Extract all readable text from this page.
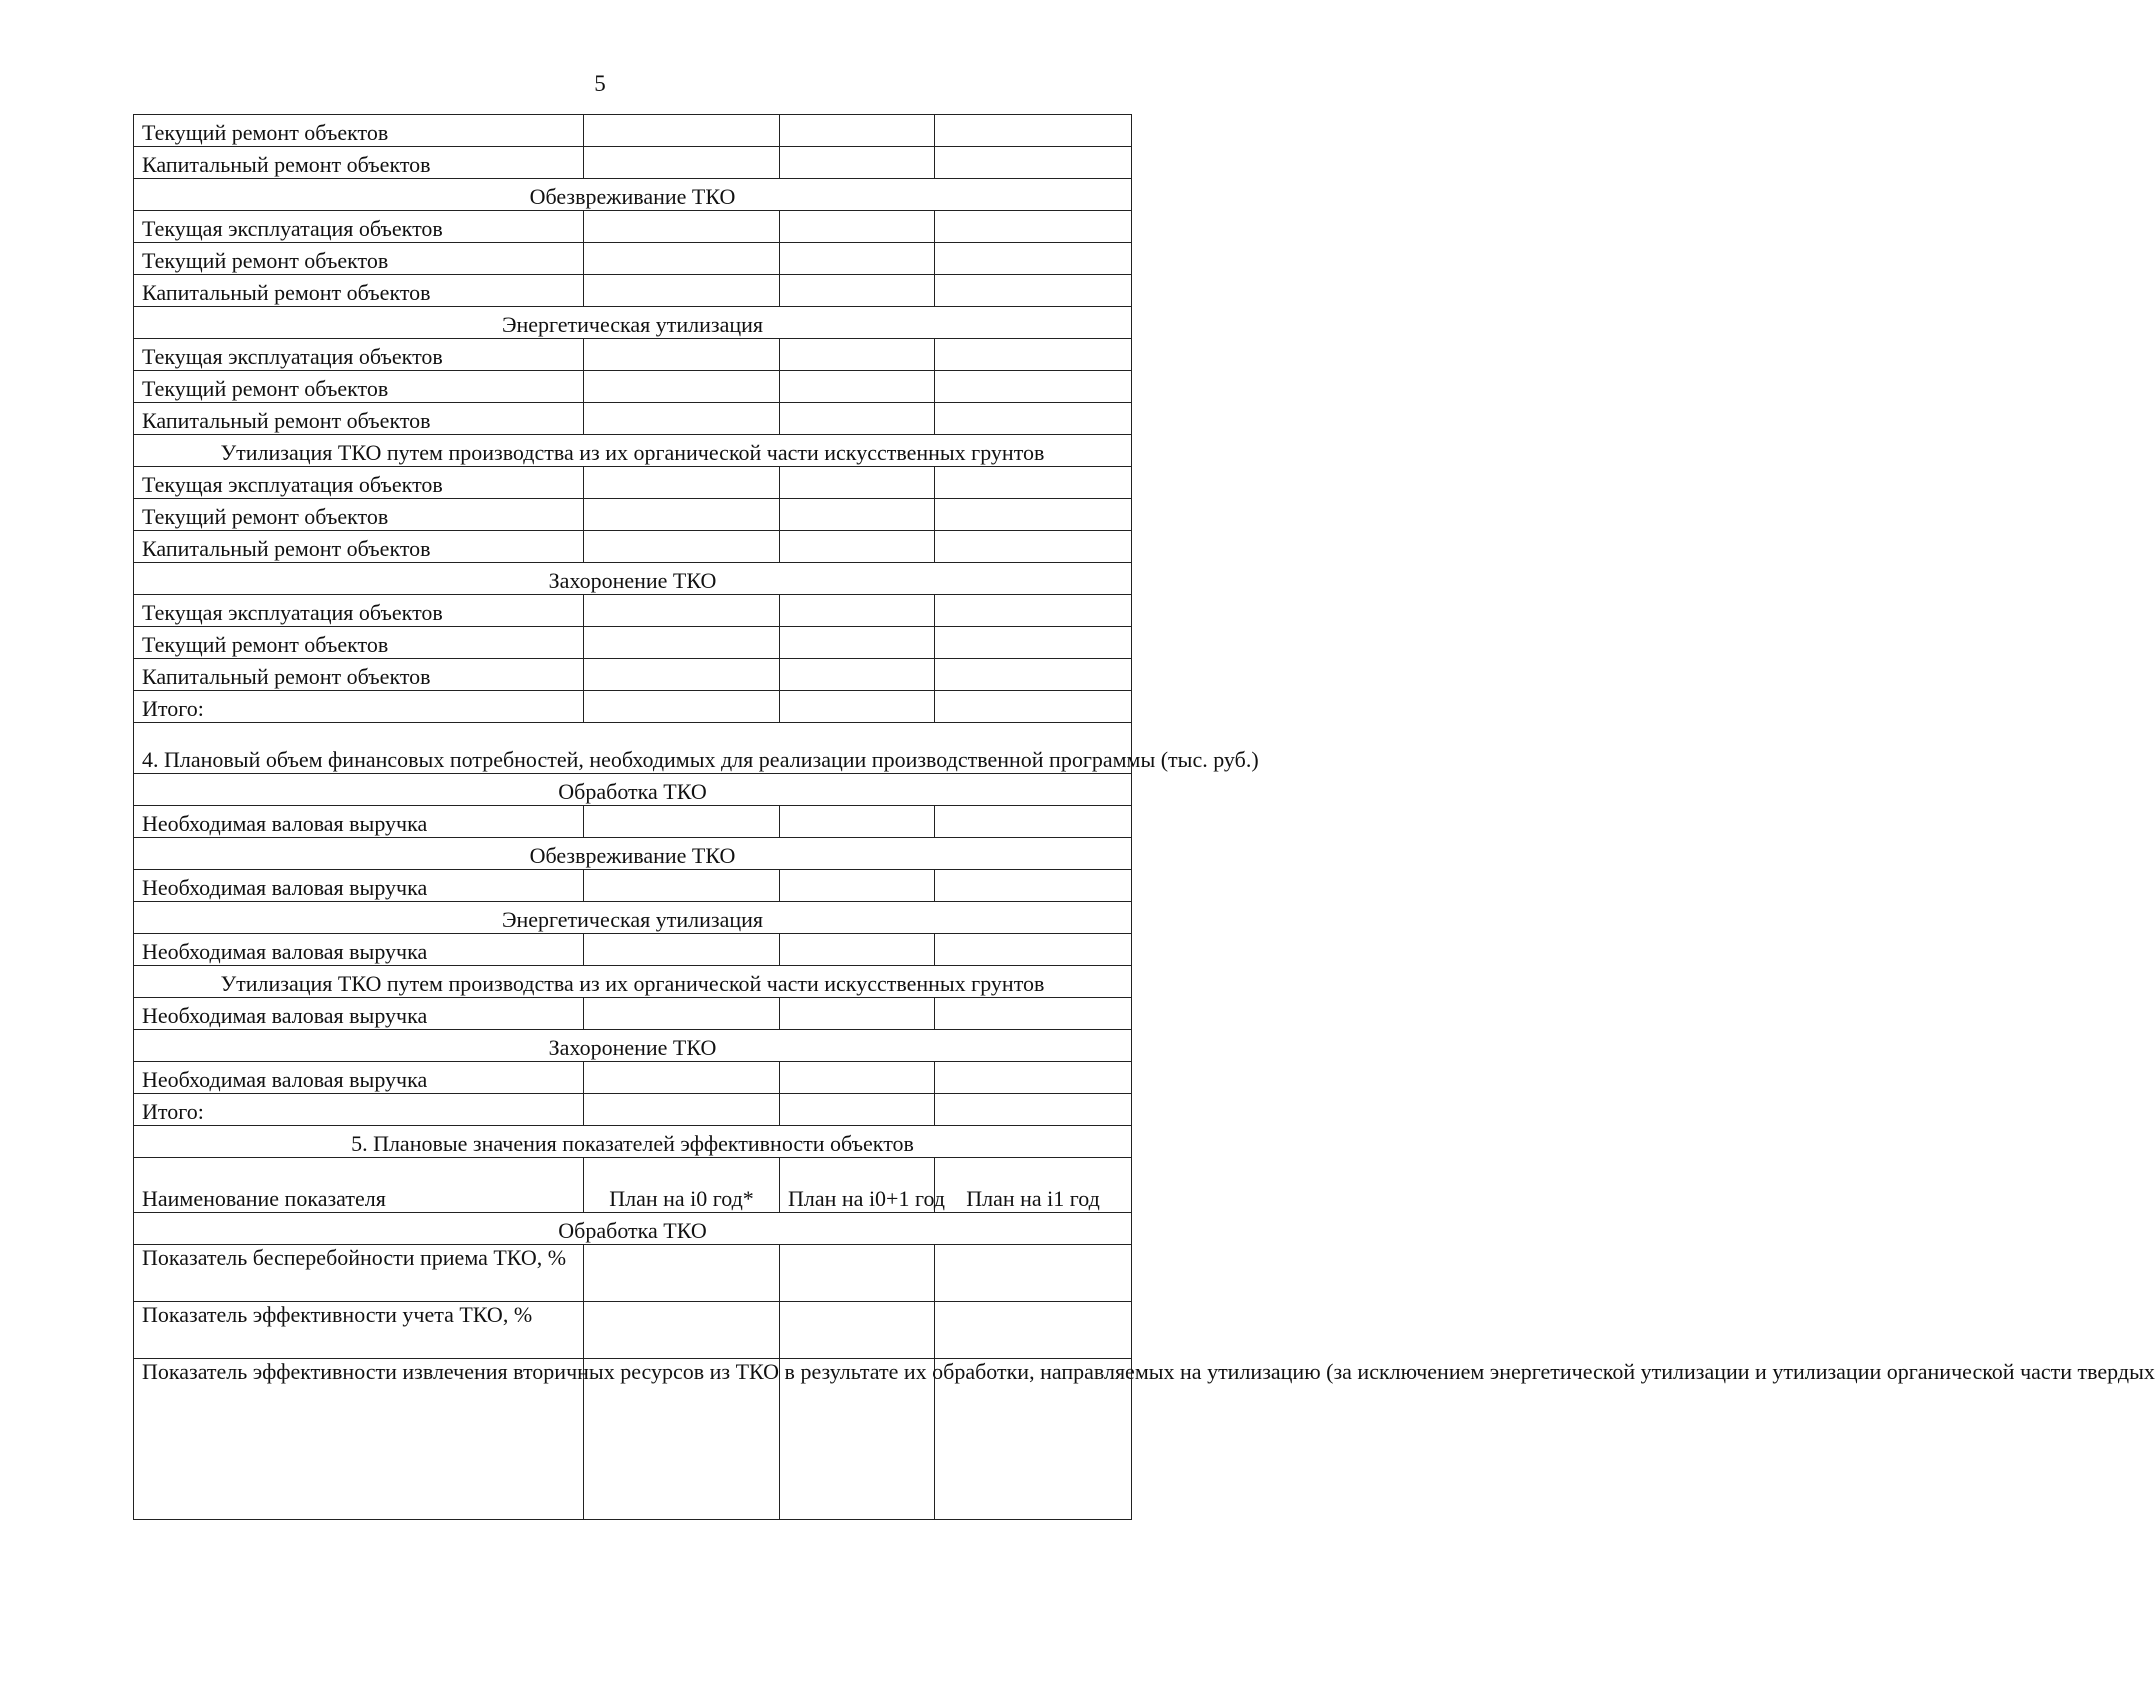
5
Текущий ремонт объектов			
Капитальный ремонт объектов			
Обезвреживание ТКО			
Текущая эксплуатация объектов			
Текущий ремонт объектов			
Капитальный ремонт объектов			
Энергетическая утилизация			
Текущая эксплуатация объектов			
Текущий ремонт объектов			
Капитальный ремонт объектов			
Утилизация ТКО путем производства из их органической части искусственных грунтов			
Текущая эксплуатация объектов			
Текущий ремонт объектов			
Капитальный ремонт объектов			
Захоронение ТКО			
Текущая эксплуатация объектов			
Текущий ремонт объектов			
Капитальный ремонт объектов			
Итого:			
4. Плановый объем финансовых потребностей, необходимых для реализации производственной программы (тыс. руб.)			
Обработка ТКО			
Необходимая валовая выручка			
Обезвреживание ТКО			
Необходимая валовая выручка			
Энергетическая утилизация			
Необходимая валовая выручка			
Утилизация ТКО путем производства из их органической части искусственных грунтов			
Необходимая валовая выручка			
Захоронение ТКО			
Необходимая валовая выручка			
Итого:			
5. Плановые значения показателей эффективности объектов			
Наименование показателя	План на i0 год*	План на i0+1 год	План на i1 год
Обработка ТКО			
Показатель бесперебойности приема ТКО, %			
Показатель эффективности учета ТКО, %			
Показатель эффективности извлечения вторичных ресурсов из ТКО в результате их обработки, направляемых на утилизацию (за исключением энергетической утилизации и утилизации органической части твердых			
